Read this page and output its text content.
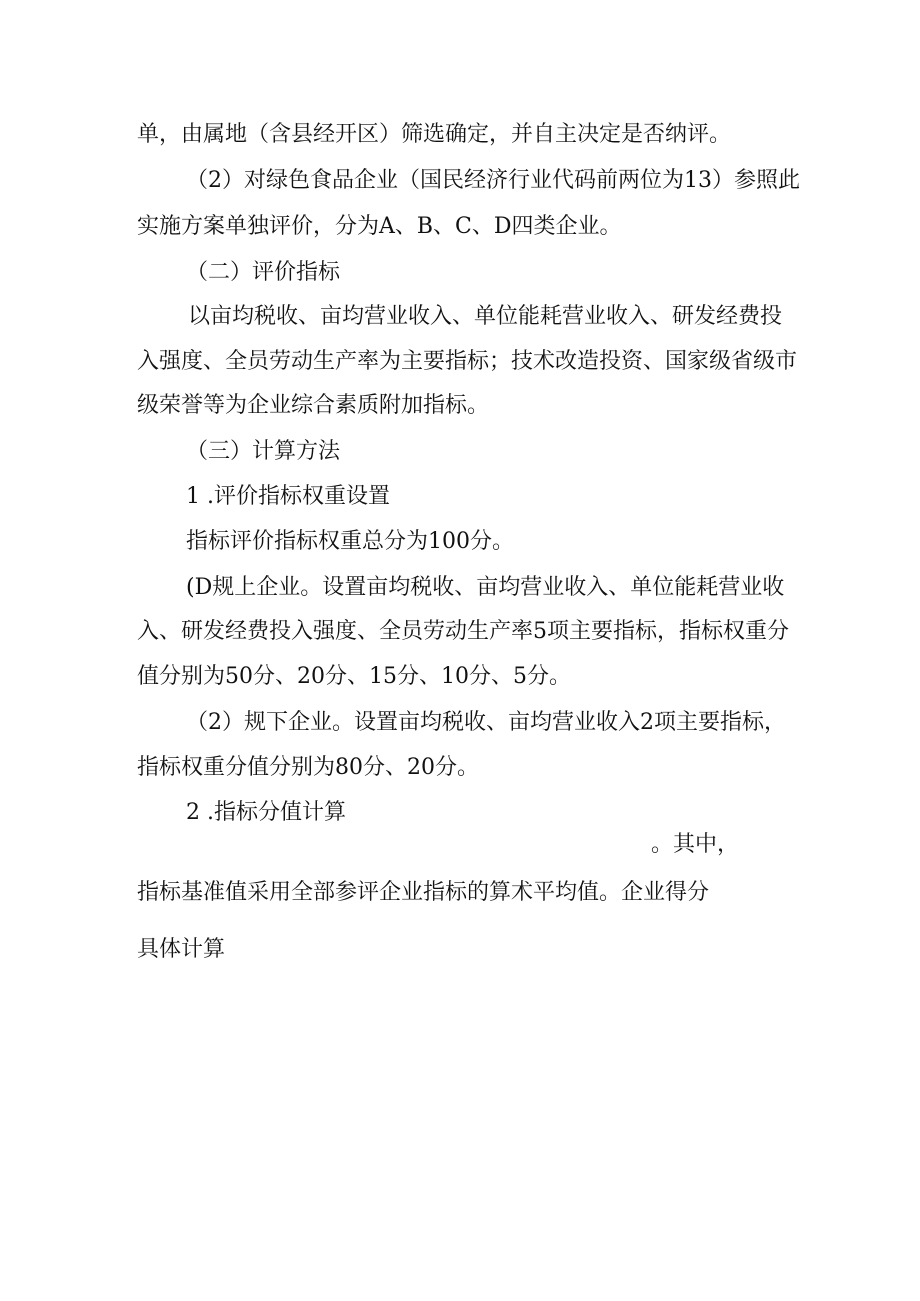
单，由属地（含县经开区）筛选确定，并自主决定是否纳评。

（2）对绿色食品企业（国民经济行业代码前两位为13）参照此

实施方案单独评价，分为A、B、C、D四类企业。

（二）评价指标

以亩均税收、亩均营业收入、单位能耗营业收入、研发经费投

入强度、全员劳动生产率为主要指标；技术改造投资、国家级省级市

级荣誉等为企业综合素质附加指标。

（三）计算方法

1 .评价指标权重设置

指标评价指标权重总分为100分。

(D规上企业。设置亩均税收、亩均营业收入、单位能耗营业收

入、研发经费投入强度、全员劳动生产率5项主要指标，指标权重分

值分别为50分、20分、15分、10分、5分。

（2）规下企业。设置亩均税收、亩均营业收入2项主要指标，

指标权重分值分别为80分、20分。

2 .指标分值计算

。其中，

指标基准值采用全部参评企业指标的算术平均值。企业得分

具体计算
